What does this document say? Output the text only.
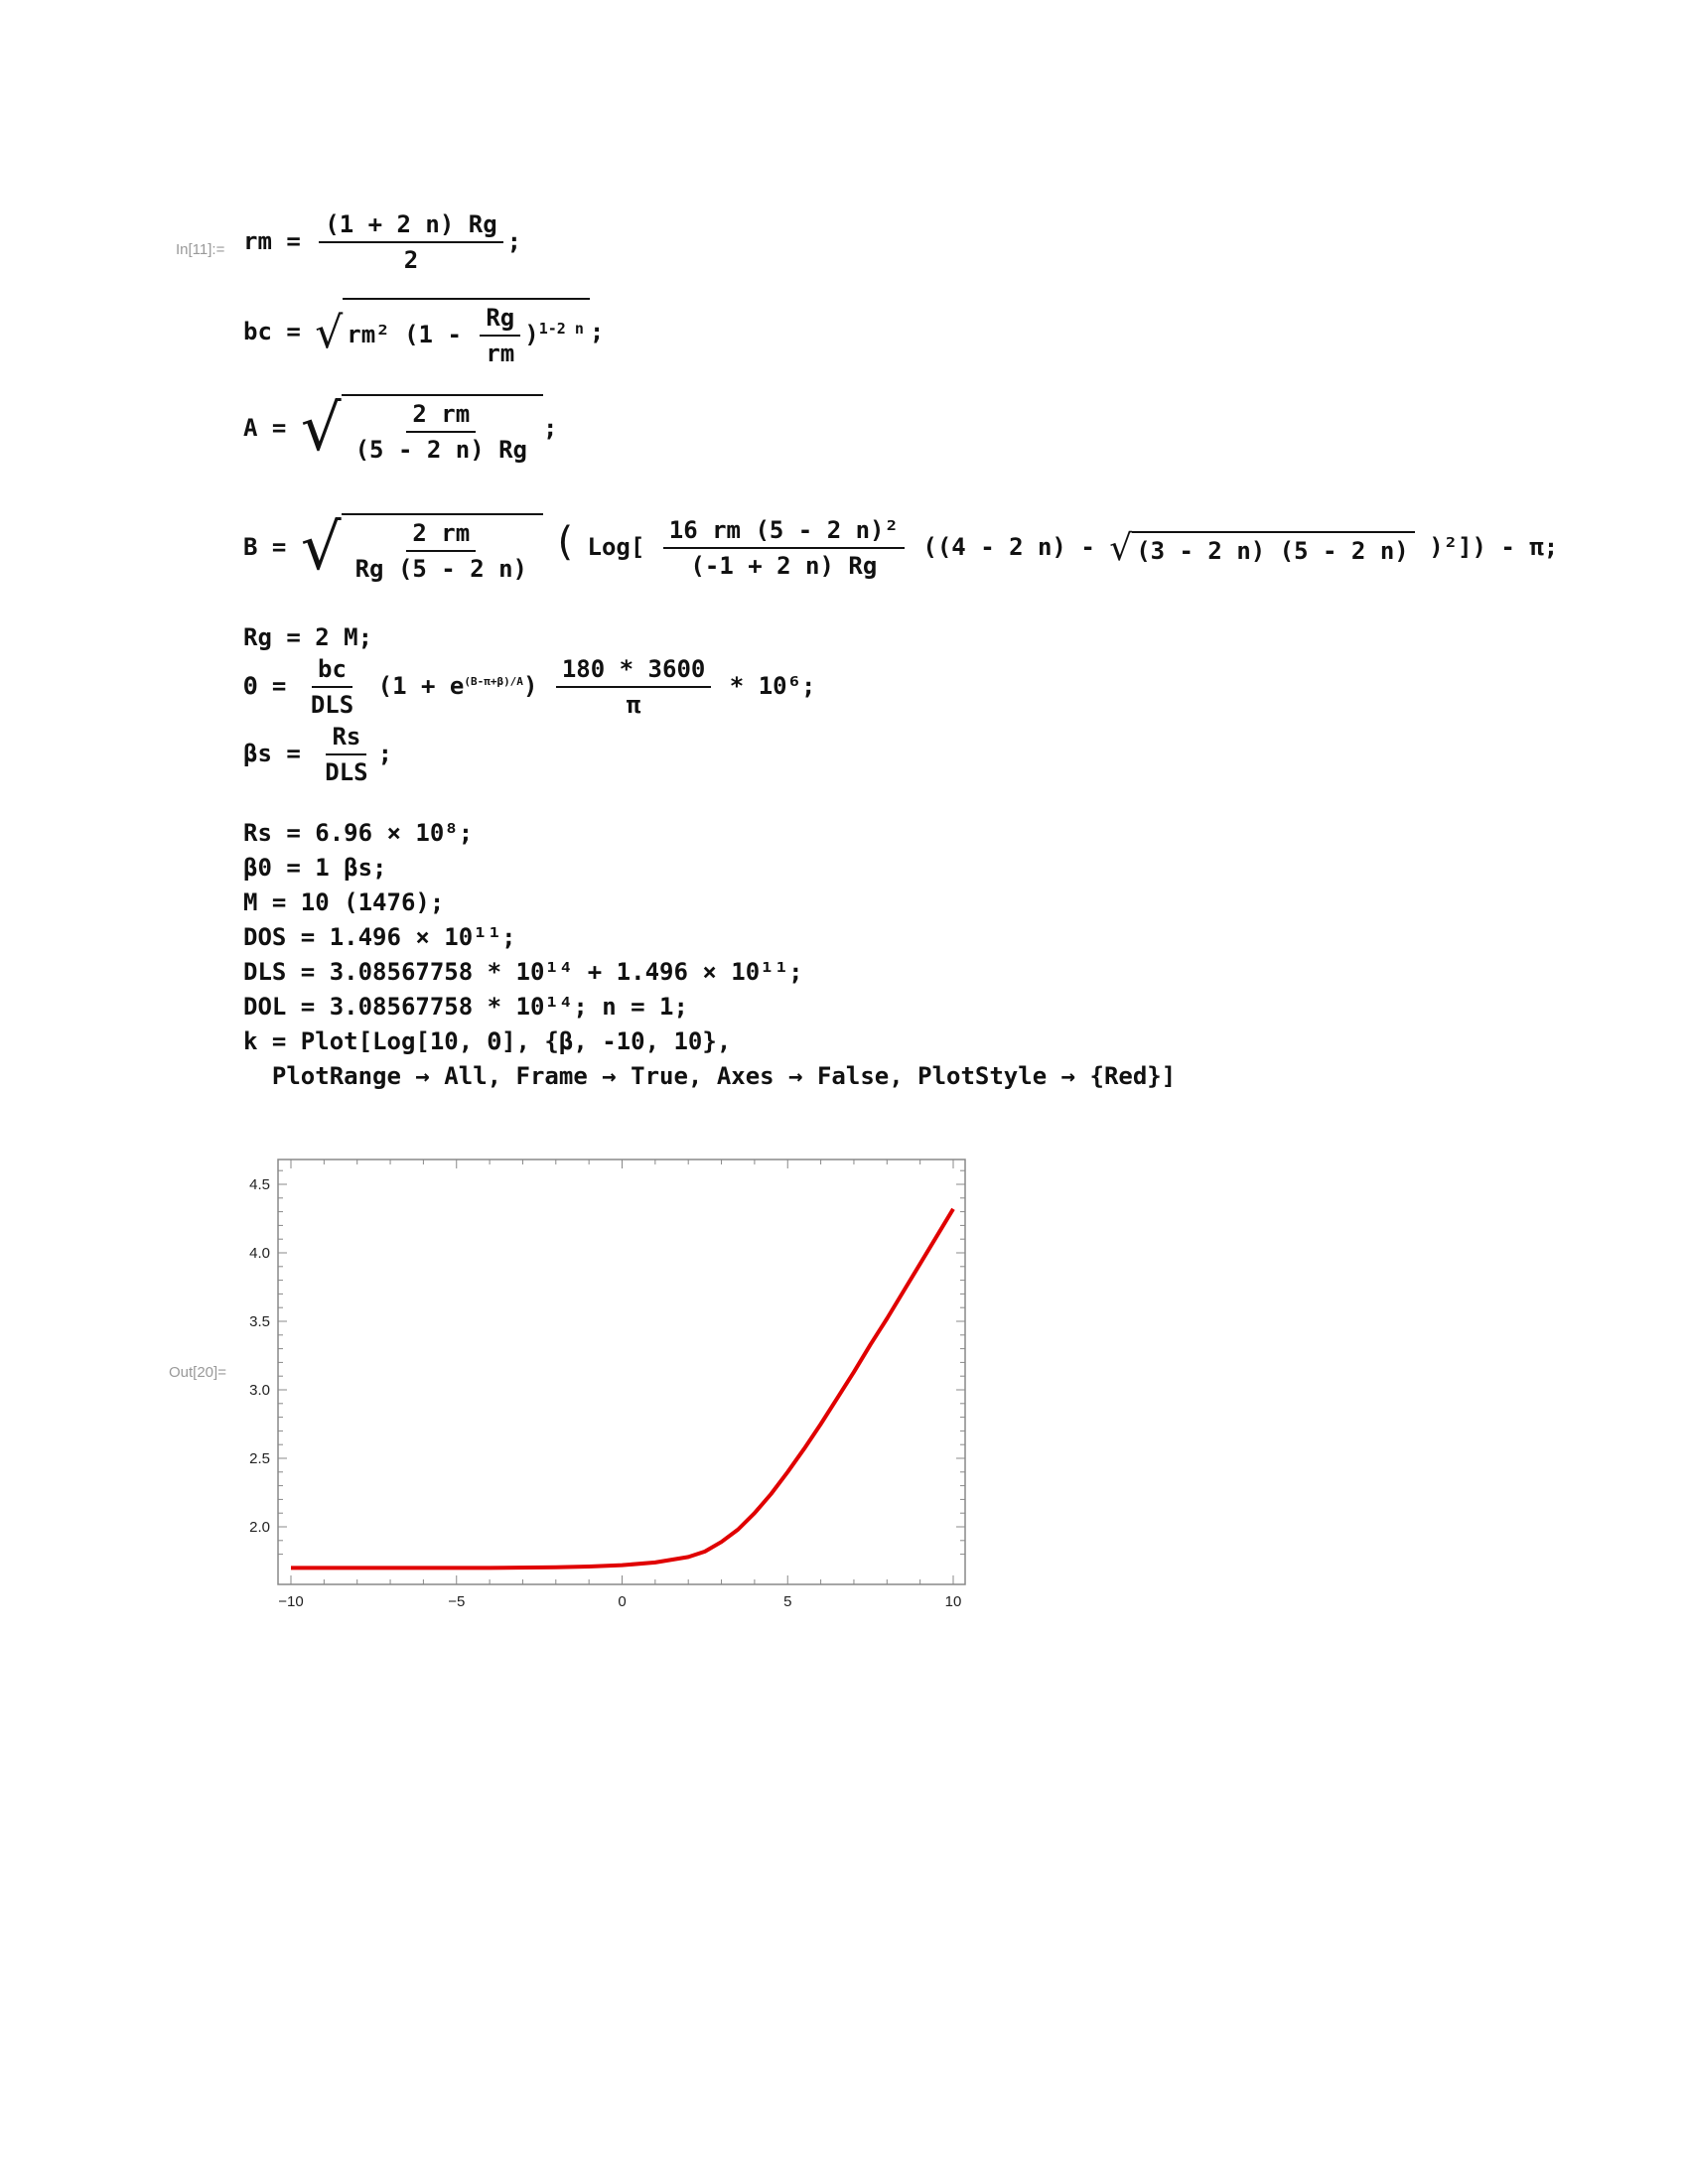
In[11]:= rm = $\frac{(1 + 2 n) Rg}{2}$ ;
bc = √ rm² $(1 - \frac{Rg}{rm} )^{1-2 n}$ ;
A = √ $\frac{2 rm}{(5 - 2 n) Rg}$ ;
B = √ $\frac{2 rm}{Rg (5 - 2 n)}$ ( $Log[ \frac{\text{16 rm (5 - 2 n)²}}{(-1 + 2 n) Rg} ((4 - 2$ n) - √ (3 - 2 n) (5 - 2 n) )²]) - π;
Rg = 2 M;
$\Theta = \frac{bc}{\text{DLS}} (1 + e^{(B-\pi+\beta)/A}) \frac{180 * 3600}{\pi} * 10^6$;
$\beta s = \frac{Rs}{\text{DLS}}$ ;
Rs = 6.96 × 10⁸;
β0 = 1 βs;
M = 10 (1476);
DOS = 1.496 × 10¹¹;
DLS = 3.08567758 * 10¹⁴ + 1.496 × 10¹¹;
DOL = 3.08567758 * 10¹⁴; n = 1;
k = Plot[Log[10, Θ], {β, -10, 10},
PlotRange → All, Frame → True, Axes → False, PlotStyle → {Red}]
Out[20]=
−10	−5	0	5	10
2.0
2.5
3.0
3.5
4.0
4.5
